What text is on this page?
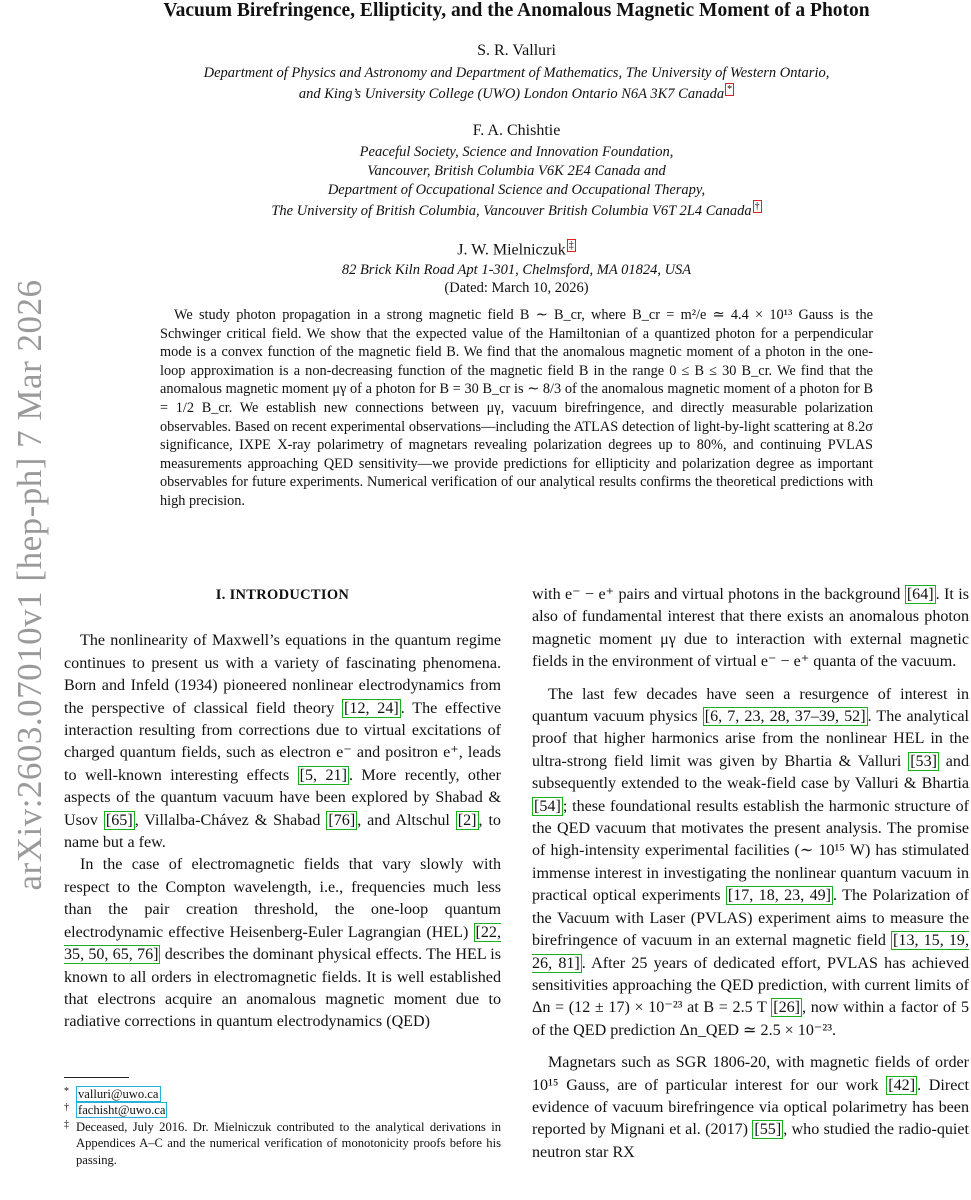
arXiv:2603.07010v1 [hep-ph] 7 Mar 2026
Vacuum Birefringence, Ellipticity, and the Anomalous Magnetic Moment of a Photon
S. R. Valluri
Department of Physics and Astronomy and Department of Mathematics, The University of Western Ontario,
and King’s University College (UWO) London Ontario N6A 3K7 Canada *
F. A. Chishtie
Peaceful Society, Science and Innovation Foundation,
Vancouver, British Columbia V6K 2E4 Canada and
Department of Occupational Science and Occupational Therapy,
The University of British Columbia, Vancouver British Columbia V6T 2L4 Canada †
J. W. Mielniczuk ‡
82 Brick Kiln Road Apt 1-301, Chelmsford, MA 01824, USA
(Dated: March 10, 2026)
We study photon propagation in a strong magnetic field B ∼ B_cr, where B_cr = m²/e ≃ 4.4 × 10¹³ Gauss is the Schwinger critical field. We show that the expected value of the Hamiltonian of a quantized photon for a perpendicular mode is a convex function of the magnetic field B. We find that the anomalous magnetic moment of a photon in the one-loop approximation is a non-decreasing function of the magnetic field B in the range 0 ≤ B ≤ 30 B_cr. We find that the anomalous magnetic moment μγ of a photon for B = 30 B_cr is ∼ 8/3 of the anomalous magnetic moment of a photon for B = 1/2 B_cr. We establish new connections between μγ, vacuum birefringence, and directly measurable polarization observables. Based on recent experimental observations—including the ATLAS detection of light-by-light scattering at 8.2σ significance, IXPE X-ray polarimetry of magnetars revealing polarization degrees up to 80%, and continuing PVLAS measurements approaching QED sensitivity—we provide predictions for ellipticity and polarization degree as important observables for future experiments. Numerical verification of our analytical results confirms the theoretical predictions with high precision.
I. INTRODUCTION

The nonlinearity of Maxwell’s equations in the quantum regime continues to present us with a variety of fascinating phenomena. Born and Infeld (1934) pioneered nonlinear electrodynamics from the perspective of classical field theory [12, 24] . The effective interaction resulting from corrections due to virtual excitations of charged quantum fields, such as electron e⁻ and positron e⁺, leads to well-known interesting effects [5, 21] . More recently, other aspects of the quantum vacuum have been explored by Shabad & Usov [65] , Villalba-Chávez & Shabad [76] , and Altschul [2] , to name but a few.

In the case of electromagnetic fields that vary slowly with respect to the Compton wavelength, i.e., frequencies much less than the pair creation threshold, the one-loop quantum electrodynamic effective Heisenberg-Euler Lagrangian (HEL) [22, 35, 50, 65, 76] describes the dominant physical effects. The HEL is known to all orders in electromagnetic fields. It is well established that electrons acquire an anomalous magnetic moment due to radiative corrections in quantum electrodynamics (QED)

with e⁻ − e⁺ pairs and virtual photons in the background [64] . It is also of fundamental interest that there exists an anomalous photon magnetic moment μγ due to interaction with external magnetic fields in the environment of virtual e⁻ − e⁺ quanta of the vacuum.

The last few decades have seen a resurgence of interest in quantum vacuum physics [6, 7, 23, 28, 37–39, 52] . The analytical proof that higher harmonics arise from the nonlinear HEL in the ultra-strong field limit was given by Bhartia & Valluri [53] and subsequently extended to the weak-field case by Valluri & Bhartia [54] ; these foundational results establish the harmonic structure of the QED vacuum that motivates the present analysis. The promise of high-intensity experimental facilities (∼ 10¹⁵ W) has stimulated immense interest in investigating the nonlinear quantum vacuum in practical optical experiments [17, 18, 23, 49] . The Polarization of the Vacuum with Laser (PVLAS) experiment aims to measure the birefringence of vacuum in an external magnetic field [13, 15, 19, 26, 81] . After 25 years of dedicated effort, PVLAS has achieved sensitivities approaching the QED prediction, with current limits of Δn = (12 ± 17) × 10⁻²³ at B = 2.5 T [26] , now within a factor of 5 of the QED prediction Δn_QED ≃ 2.5 × 10⁻²³.

Magnetars such as SGR 1806-20, with magnetic fields of order 10¹⁵ Gauss, are of particular interest for our work [42] . Direct evidence of vacuum birefringence via optical polarimetry has been reported by Mignani et al. (2017) [55] , who studied the radio-quiet neutron star RX

* valluri@uwo.ca
† fachisht@uwo.ca
‡ Deceased, July 2016. Dr. Mielniczuk contributed to the analytical derivations in Appendices A–C and the numerical verification of monotonicity proofs before his passing.
